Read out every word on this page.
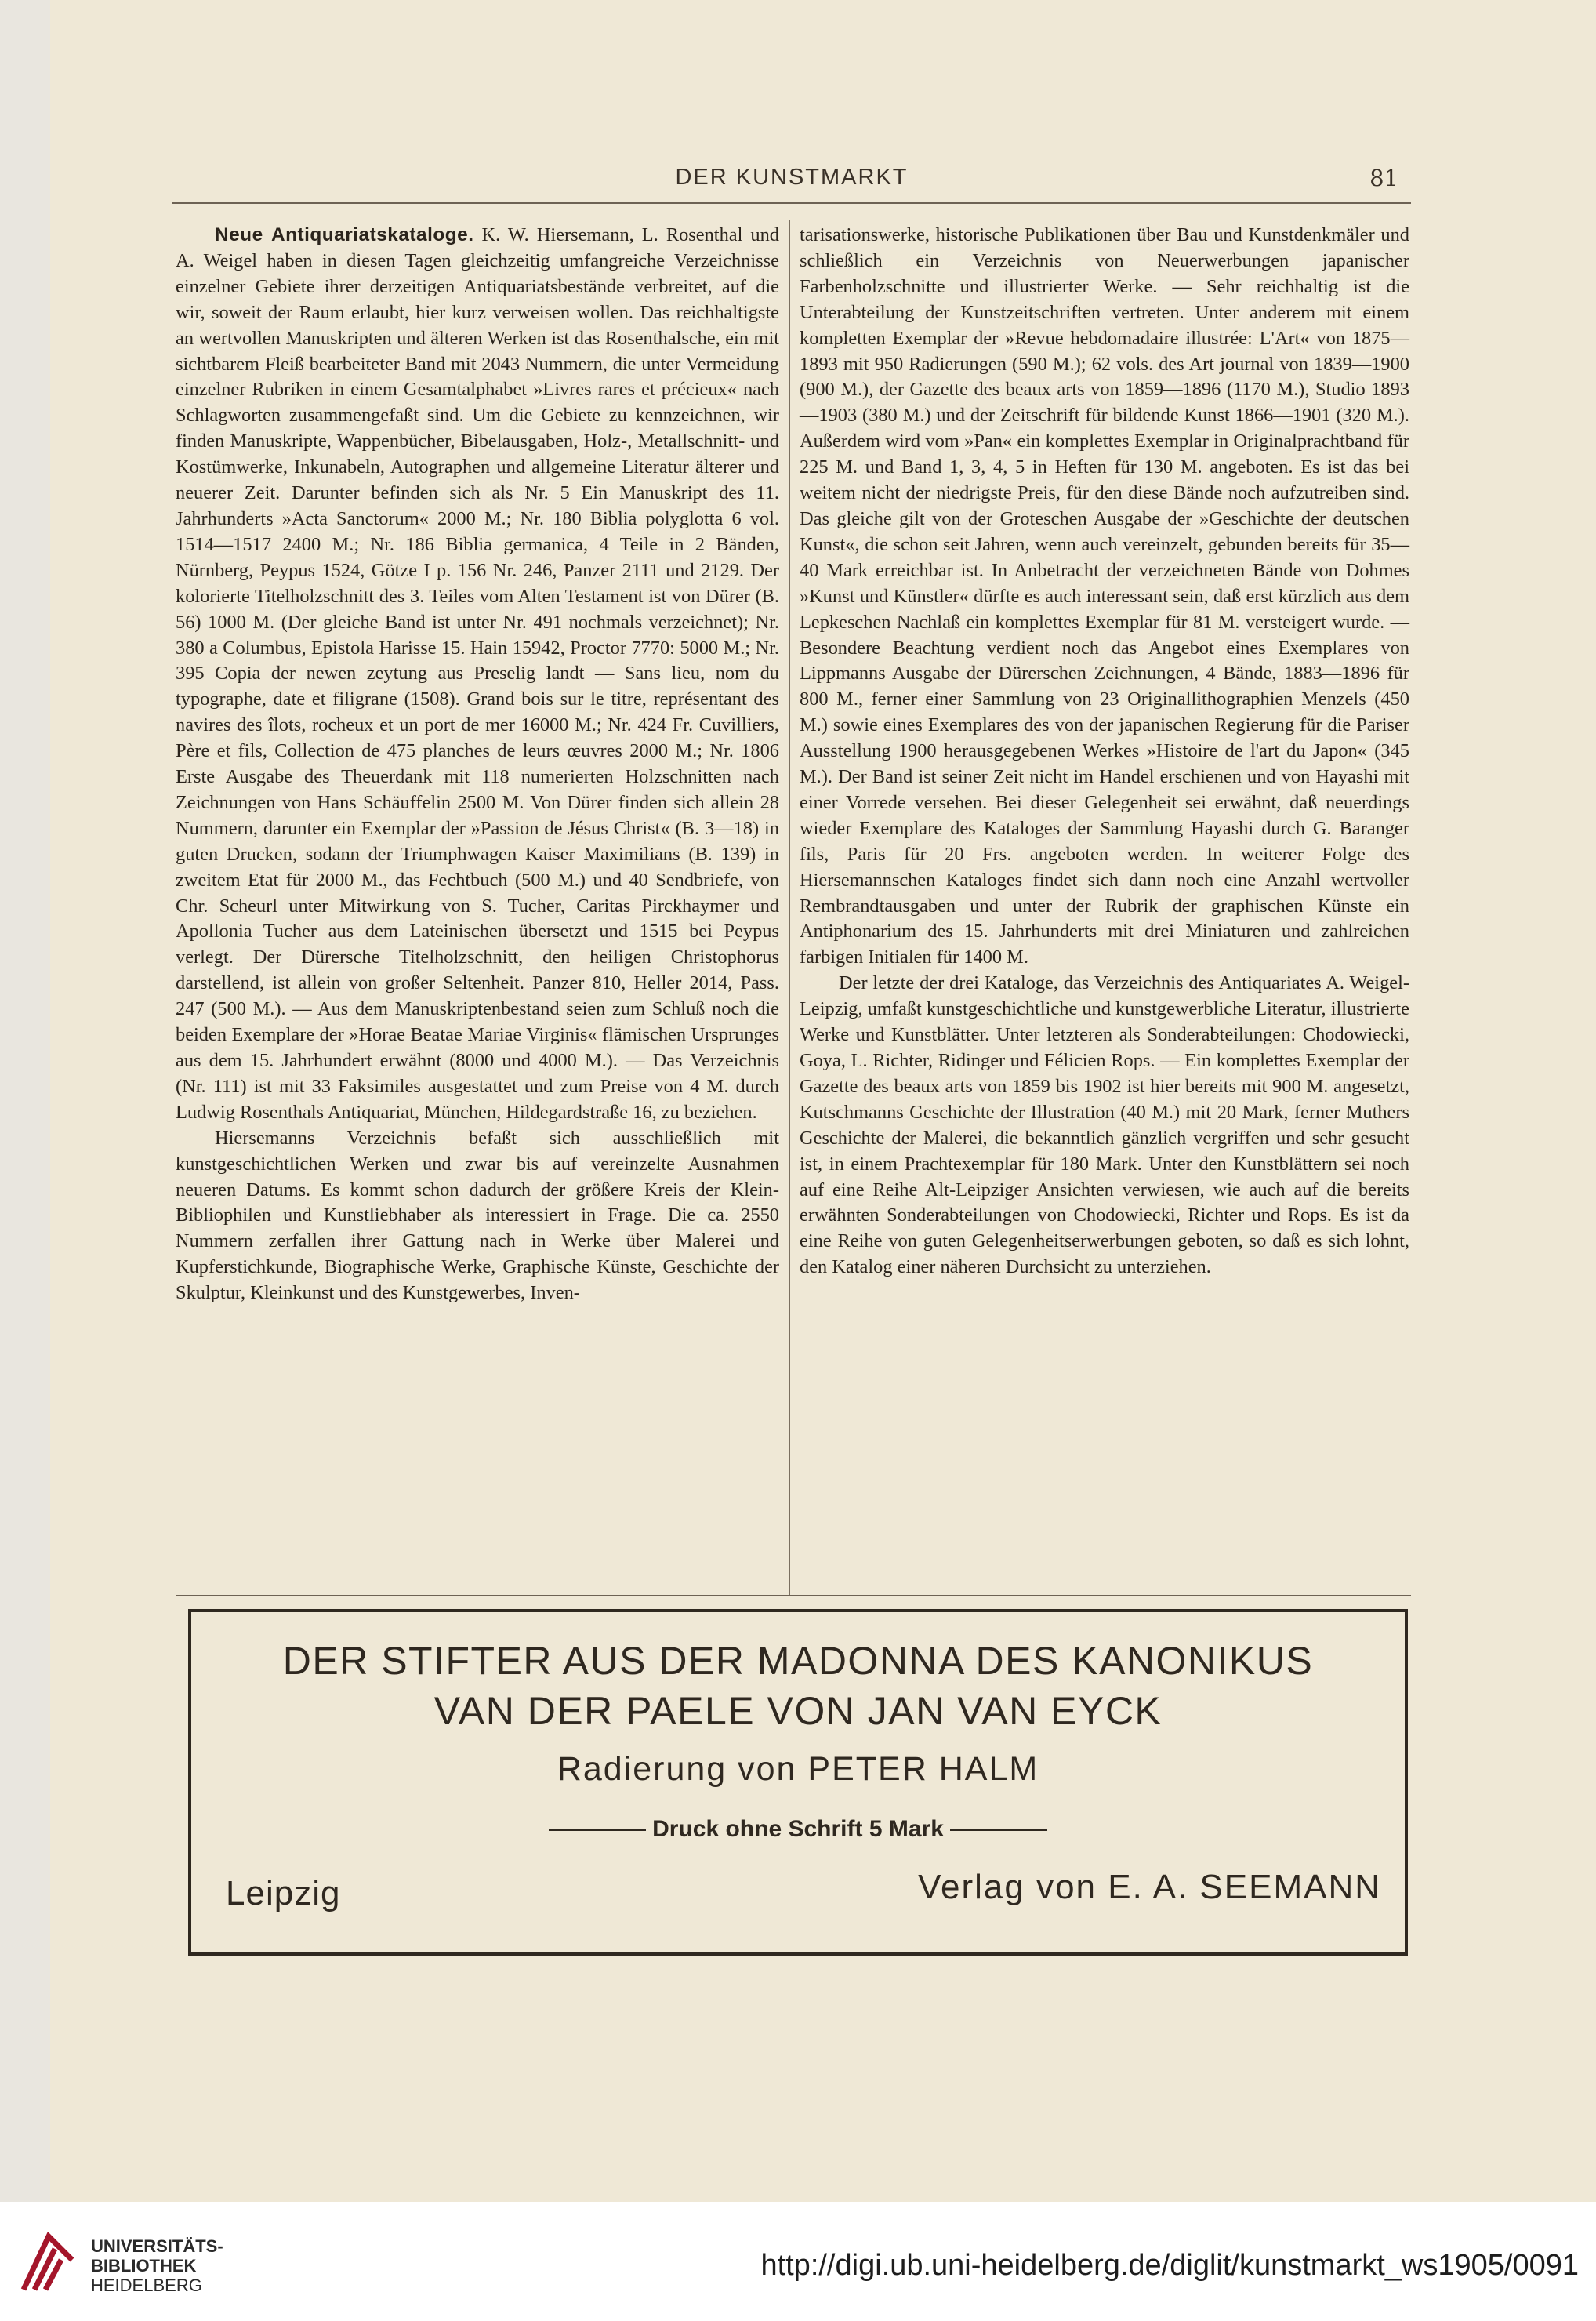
DER KUNSTMARKT	81

Neue Antiquariatskataloge. K. W. Hiersemann, L. Rosenthal und A. Weigel haben in diesen Tagen gleichzeitig umfangreiche Verzeichnisse einzelner Gebiete ihrer derzeitigen Antiquariatsbestände verbreitet, auf die wir, soweit der Raum erlaubt, hier kurz verweisen wollen. Das reichhaltigste an wertvollen Manuskripten und älteren Werken ist das Rosenthalsche, ein mit sichtbarem Fleiß bearbeiteter Band mit 2043 Nummern, die unter Vermeidung einzelner Rubriken in einem Gesamtalphabet »Livres rares et précieux« nach Schlagworten zusammengefaßt sind. Um die Gebiete zu kennzeichnen, wir finden Manuskripte, Wappenbücher, Bibelausgaben, Holz-, Metallschnitt- und Kostümwerke, Inkunabeln, Autographen und allgemeine Literatur älterer und neuerer Zeit. Darunter befinden sich als Nr. 5 Ein Manuskript des 11. Jahrhunderts »Acta Sanctorum« 2000 M.; Nr. 180 Biblia polyglotta 6 vol. 1514—1517 2400 M.; Nr. 186 Biblia germanica, 4 Teile in 2 Bänden, Nürnberg, Peypus 1524, Götze I p. 156 Nr. 246, Panzer 2111 und 2129. Der kolorierte Titelholzschnitt des 3. Teiles vom Alten Testament ist von Dürer (B. 56) 1000 M. (Der gleiche Band ist unter Nr. 491 nochmals verzeichnet); Nr. 380 a Columbus, Epistola Harisse 15. Hain 15942, Proctor 7770: 5000 M.; Nr. 395 Copia der newen zeytung aus Preselig landt — Sans lieu, nom du typographe, date et filigrane (1508). Grand bois sur le titre, représentant des navires des îlots, rocheux et un port de mer 16000 M.; Nr. 424 Fr. Cuvilliers, Père et fils, Collection de 475 planches de leurs œuvres 2000 M.; Nr. 1806 Erste Ausgabe des Theuerdank mit 118 numerierten Holzschnitten nach Zeichnungen von Hans Schäuffelin 2500 M. Von Dürer finden sich allein 28 Nummern, darunter ein Exemplar der »Passion de Jésus Christ« (B. 3—18) in guten Drucken, sodann der Triumphwagen Kaiser Maximilians (B. 139) in zweitem Etat für 2000 M., das Fechtbuch (500 M.) und 40 Sendbriefe, von Chr. Scheurl unter Mitwirkung von S. Tucher, Caritas Pirckhaymer und Apollonia Tucher aus dem Lateinischen übersetzt und 1515 bei Peypus verlegt. Der Dürersche Titelholzschnitt, den heiligen Christophorus darstellend, ist allein von großer Seltenheit. Panzer 810, Heller 2014, Pass. 247 (500 M.). — Aus dem Manuskriptenbestand seien zum Schluß noch die beiden Exemplare der »Horae Beatae Mariae Virginis« flämischen Ursprunges aus dem 15. Jahrhundert erwähnt (8000 und 4000 M.). — Das Verzeichnis (Nr. 111) ist mit 33 Faksimiles ausgestattet und zum Preise von 4 M. durch Ludwig Rosenthals Antiquariat, München, Hildegardstraße 16, zu beziehen.

Hiersemanns Verzeichnis befaßt sich ausschließlich mit kunstgeschichtlichen Werken und zwar bis auf vereinzelte Ausnahmen neueren Datums. Es kommt schon dadurch der größere Kreis der Klein-Bibliophilen und Kunstliebhaber als interessiert in Frage. Die ca. 2550 Nummern zerfallen ihrer Gattung nach in Werke über Malerei und Kupferstichkunde, Biographische Werke, Graphische Künste, Geschichte der Skulptur, Kleinkunst und des Kunstgewerbes, Inven-

tarisationswerke, historische Publikationen über Bau und Kunstdenkmäler und schließlich ein Verzeichnis von Neuerwerbungen japanischer Farbenholzschnitte und illustrierter Werke. — Sehr reichhaltig ist die Unterabteilung der Kunstzeitschriften vertreten. Unter anderem mit einem kompletten Exemplar der »Revue hebdomadaire illustrée: L'Art« von 1875—1893 mit 950 Radierungen (590 M.); 62 vols. des Art journal von 1839—1900 (900 M.), der Gazette des beaux arts von 1859—1896 (1170 M.), Studio 1893—1903 (380 M.) und der Zeitschrift für bildende Kunst 1866—1901 (320 M.). Außerdem wird vom »Pan« ein komplettes Exemplar in Originalprachtband für 225 M. und Band 1, 3, 4, 5 in Heften für 130 M. angeboten. Es ist das bei weitem nicht der niedrigste Preis, für den diese Bände noch aufzutreiben sind. Das gleiche gilt von der Groteschen Ausgabe der »Geschichte der deutschen Kunst«, die schon seit Jahren, wenn auch vereinzelt, gebunden bereits für 35—40 Mark erreichbar ist. In Anbetracht der verzeichneten Bände von Dohmes »Kunst und Künstler« dürfte es auch interessant sein, daß erst kürzlich aus dem Lepkeschen Nachlaß ein komplettes Exemplar für 81 M. versteigert wurde. — Besondere Beachtung verdient noch das Angebot eines Exemplares von Lippmanns Ausgabe der Dürerschen Zeichnungen, 4 Bände, 1883—1896 für 800 M., ferner einer Sammlung von 23 Originallithographien Menzels (450 M.) sowie eines Exemplares des von der japanischen Regierung für die Pariser Ausstellung 1900 herausgegebenen Werkes »Histoire de l'art du Japon« (345 M.). Der Band ist seiner Zeit nicht im Handel erschienen und von Hayashi mit einer Vorrede versehen. Bei dieser Gelegenheit sei erwähnt, daß neuerdings wieder Exemplare des Kataloges der Sammlung Hayashi durch G. Baranger fils, Paris für 20 Frs. angeboten werden. In weiterer Folge des Hiersemannschen Kataloges findet sich dann noch eine Anzahl wertvoller Rembrandtausgaben und unter der Rubrik der graphischen Künste ein Antiphonarium des 15. Jahrhunderts mit drei Miniaturen und zahlreichen farbigen Initialen für 1400 M.

Der letzte der drei Kataloge, das Verzeichnis des Antiquariates A. Weigel-Leipzig, umfaßt kunstgeschichtliche und kunstgewerbliche Literatur, illustrierte Werke und Kunstblätter. Unter letzteren als Sonderabteilungen: Chodowiecki, Goya, L. Richter, Ridinger und Félicien Rops. — Ein komplettes Exemplar der Gazette des beaux arts von 1859 bis 1902 ist hier bereits mit 900 M. angesetzt, Kutschmanns Geschichte der Illustration (40 M.) mit 20 Mark, ferner Muthers Geschichte der Malerei, die bekanntlich gänzlich vergriffen und sehr gesucht ist, in einem Prachtexemplar für 180 Mark. Unter den Kunstblättern sei noch auf eine Reihe Alt-Leipziger Ansichten verwiesen, wie auch auf die bereits erwähnten Sonderabteilungen von Chodowiecki, Richter und Rops. Es ist da eine Reihe von guten Gelegenheitserwerbungen geboten, so daß es sich lohnt, den Katalog einer näheren Durchsicht zu unterziehen.

DER STIFTER AUS DER MADONNA DES KANONIKUS
VAN DER PAELE VON JAN VAN EYCK
Radierung von PETER HALM
Druck ohne Schrift 5 Mark
Leipzig	Verlag von E. A. SEEMANN
UNIVERSITÄTS-
BIBLIOTHEK
HEIDELBERG
http://digi.ub.uni-heidelberg.de/diglit/kunstmarkt_ws1905/0091
